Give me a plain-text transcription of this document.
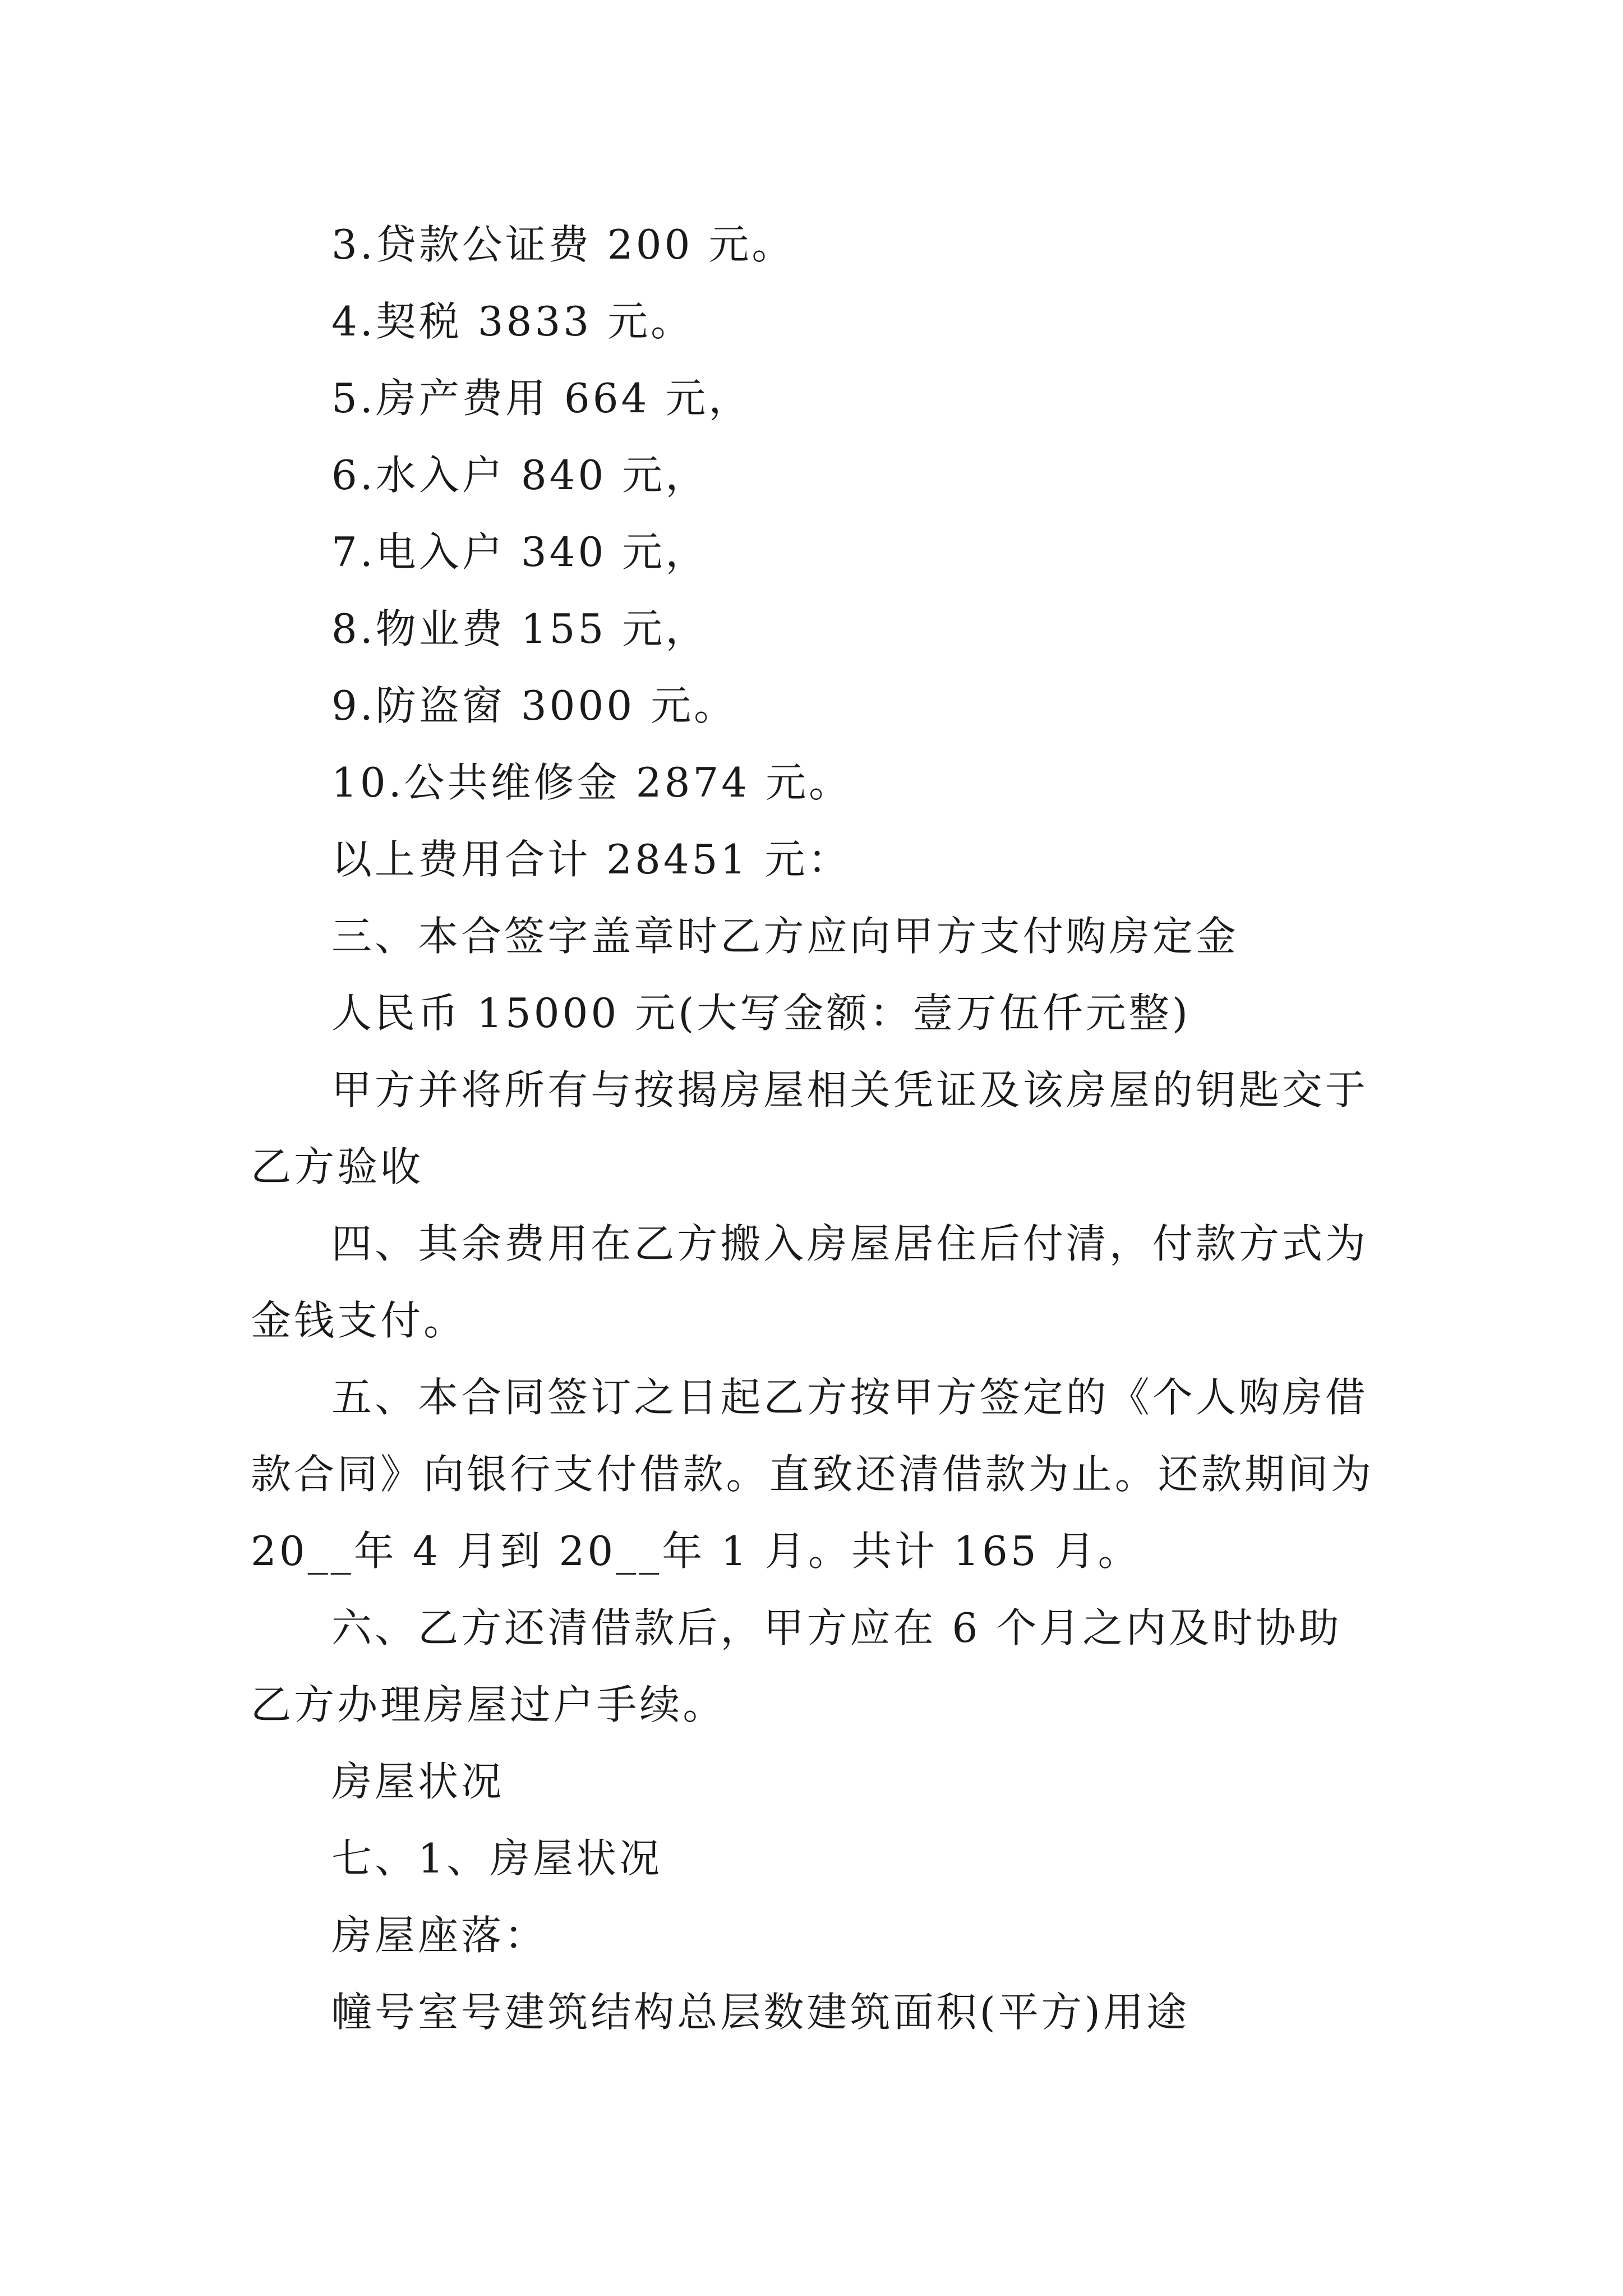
3.贷款公证费 200 元。

4.契税 3833 元。

5.房产费用 664 元，

6.水入户 840 元，

7.电入户 340 元，

8.物业费 155 元，

9.防盗窗 3000 元。

10.公共维修金 2874 元。

以上费用合计 28451 元：

三、本合签字盖章时乙方应向甲方支付购房定金

人民币 15000 元(大写金额：壹万伍仟元整)

甲方并将所有与按揭房屋相关凭证及该房屋的钥匙交于乙方验收

四、其余费用在乙方搬入房屋居住后付清，付款方式为金钱支付。

五、本合同签订之日起乙方按甲方签定的《个人购房借款合同》向银行支付借款。直致还清借款为止。还款期间为 20__年 4 月到 20__年 1 月。共计 165 月。

六、乙方还清借款后，甲方应在 6 个月之内及时协助乙方办理房屋过户手续。

房屋状况

七、1、房屋状况

房屋座落：

幢号室号建筑结构总层数建筑面积(平方)用途
